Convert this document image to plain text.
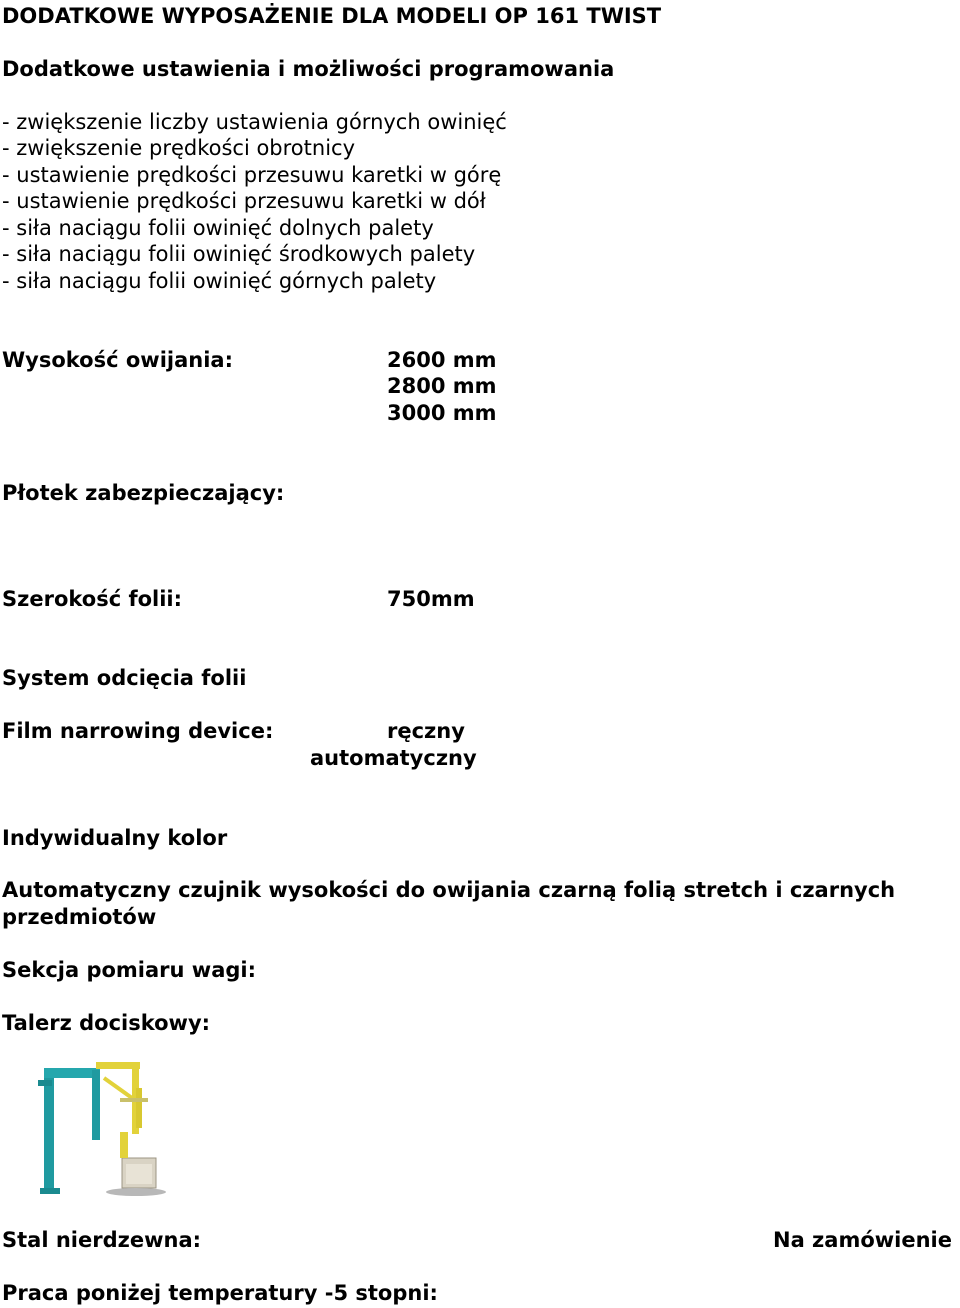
DODATKOWE WYPOSAŻENIE DLA MODELI OP 161 TWIST
Dodatkowe ustawienia i możliwości programowania
- zwiększenie liczby ustawienia górnych owinięć
- zwiększenie prędkości obrotnicy
- ustawienie prędkości przesuwu karetki w górę
- ustawienie prędkości przesuwu karetki w dół
- siła naciągu folii owinięć dolnych palety
- siła naciągu folii owinięć środkowych palety
- siła naciągu folii owinięć górnych palety
Wysokość owijania:	2600 mm
2800 mm
3000 mm
Płotek zabezpieczający:
Szerokość folii:	750mm
System odcięcia folii
Film narrowing device:	ręczny
automatyczny
Indywidualny kolor
Automatyczny czujnik wysokości do owijania czarną folią stretch i czarnych
przedmiotów
Sekcja pomiaru wagi:
Talerz dociskowy:
Stal nierdzewna:	Na zamówienie
Praca poniżej temperatury -5 stopni:
